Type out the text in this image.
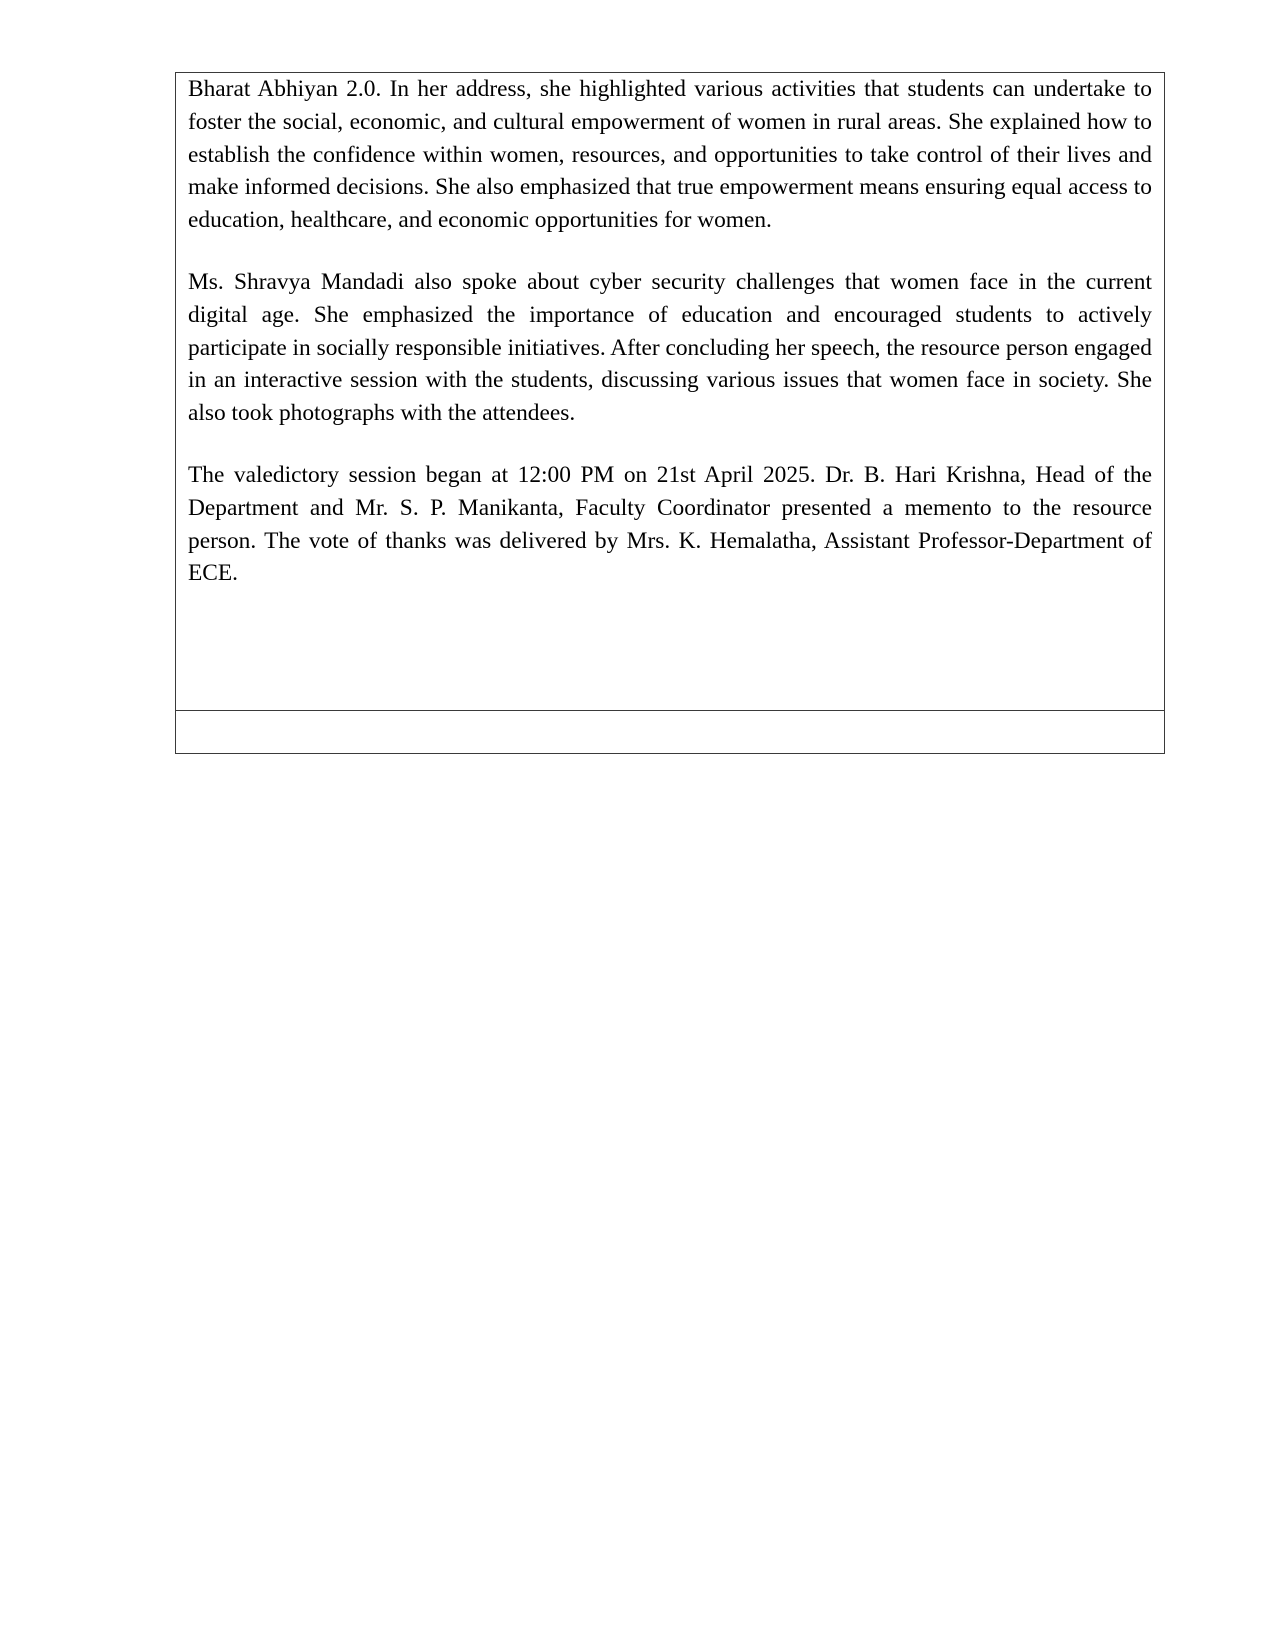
Bharat Abhiyan 2.0. In her address, she highlighted various activities that students can undertake to foster the social, economic, and cultural empowerment of women in rural areas. She explained how to establish the confidence within women, resources, and opportunities to take control of their lives and make informed decisions. She also emphasized that true empowerment means ensuring equal access to education, healthcare, and economic opportunities for women.

Ms. Shravya Mandadi also spoke about cyber security challenges that women face in the current digital age. She emphasized the importance of education and encouraged students to actively participate in socially responsible initiatives. After concluding her speech, the resource person engaged in an interactive session with the students, discussing various issues that women face in society. She also took photographs with the attendees.

The valedictory session began at 12:00 PM on 21st April 2025. Dr. B. Hari Krishna, Head of the Department and Mr. S. P. Manikanta, Faculty Coordinator presented a memento to the resource person. The vote of thanks was delivered by Mrs. K. Hemalatha, Assistant Professor-Department of ECE.
